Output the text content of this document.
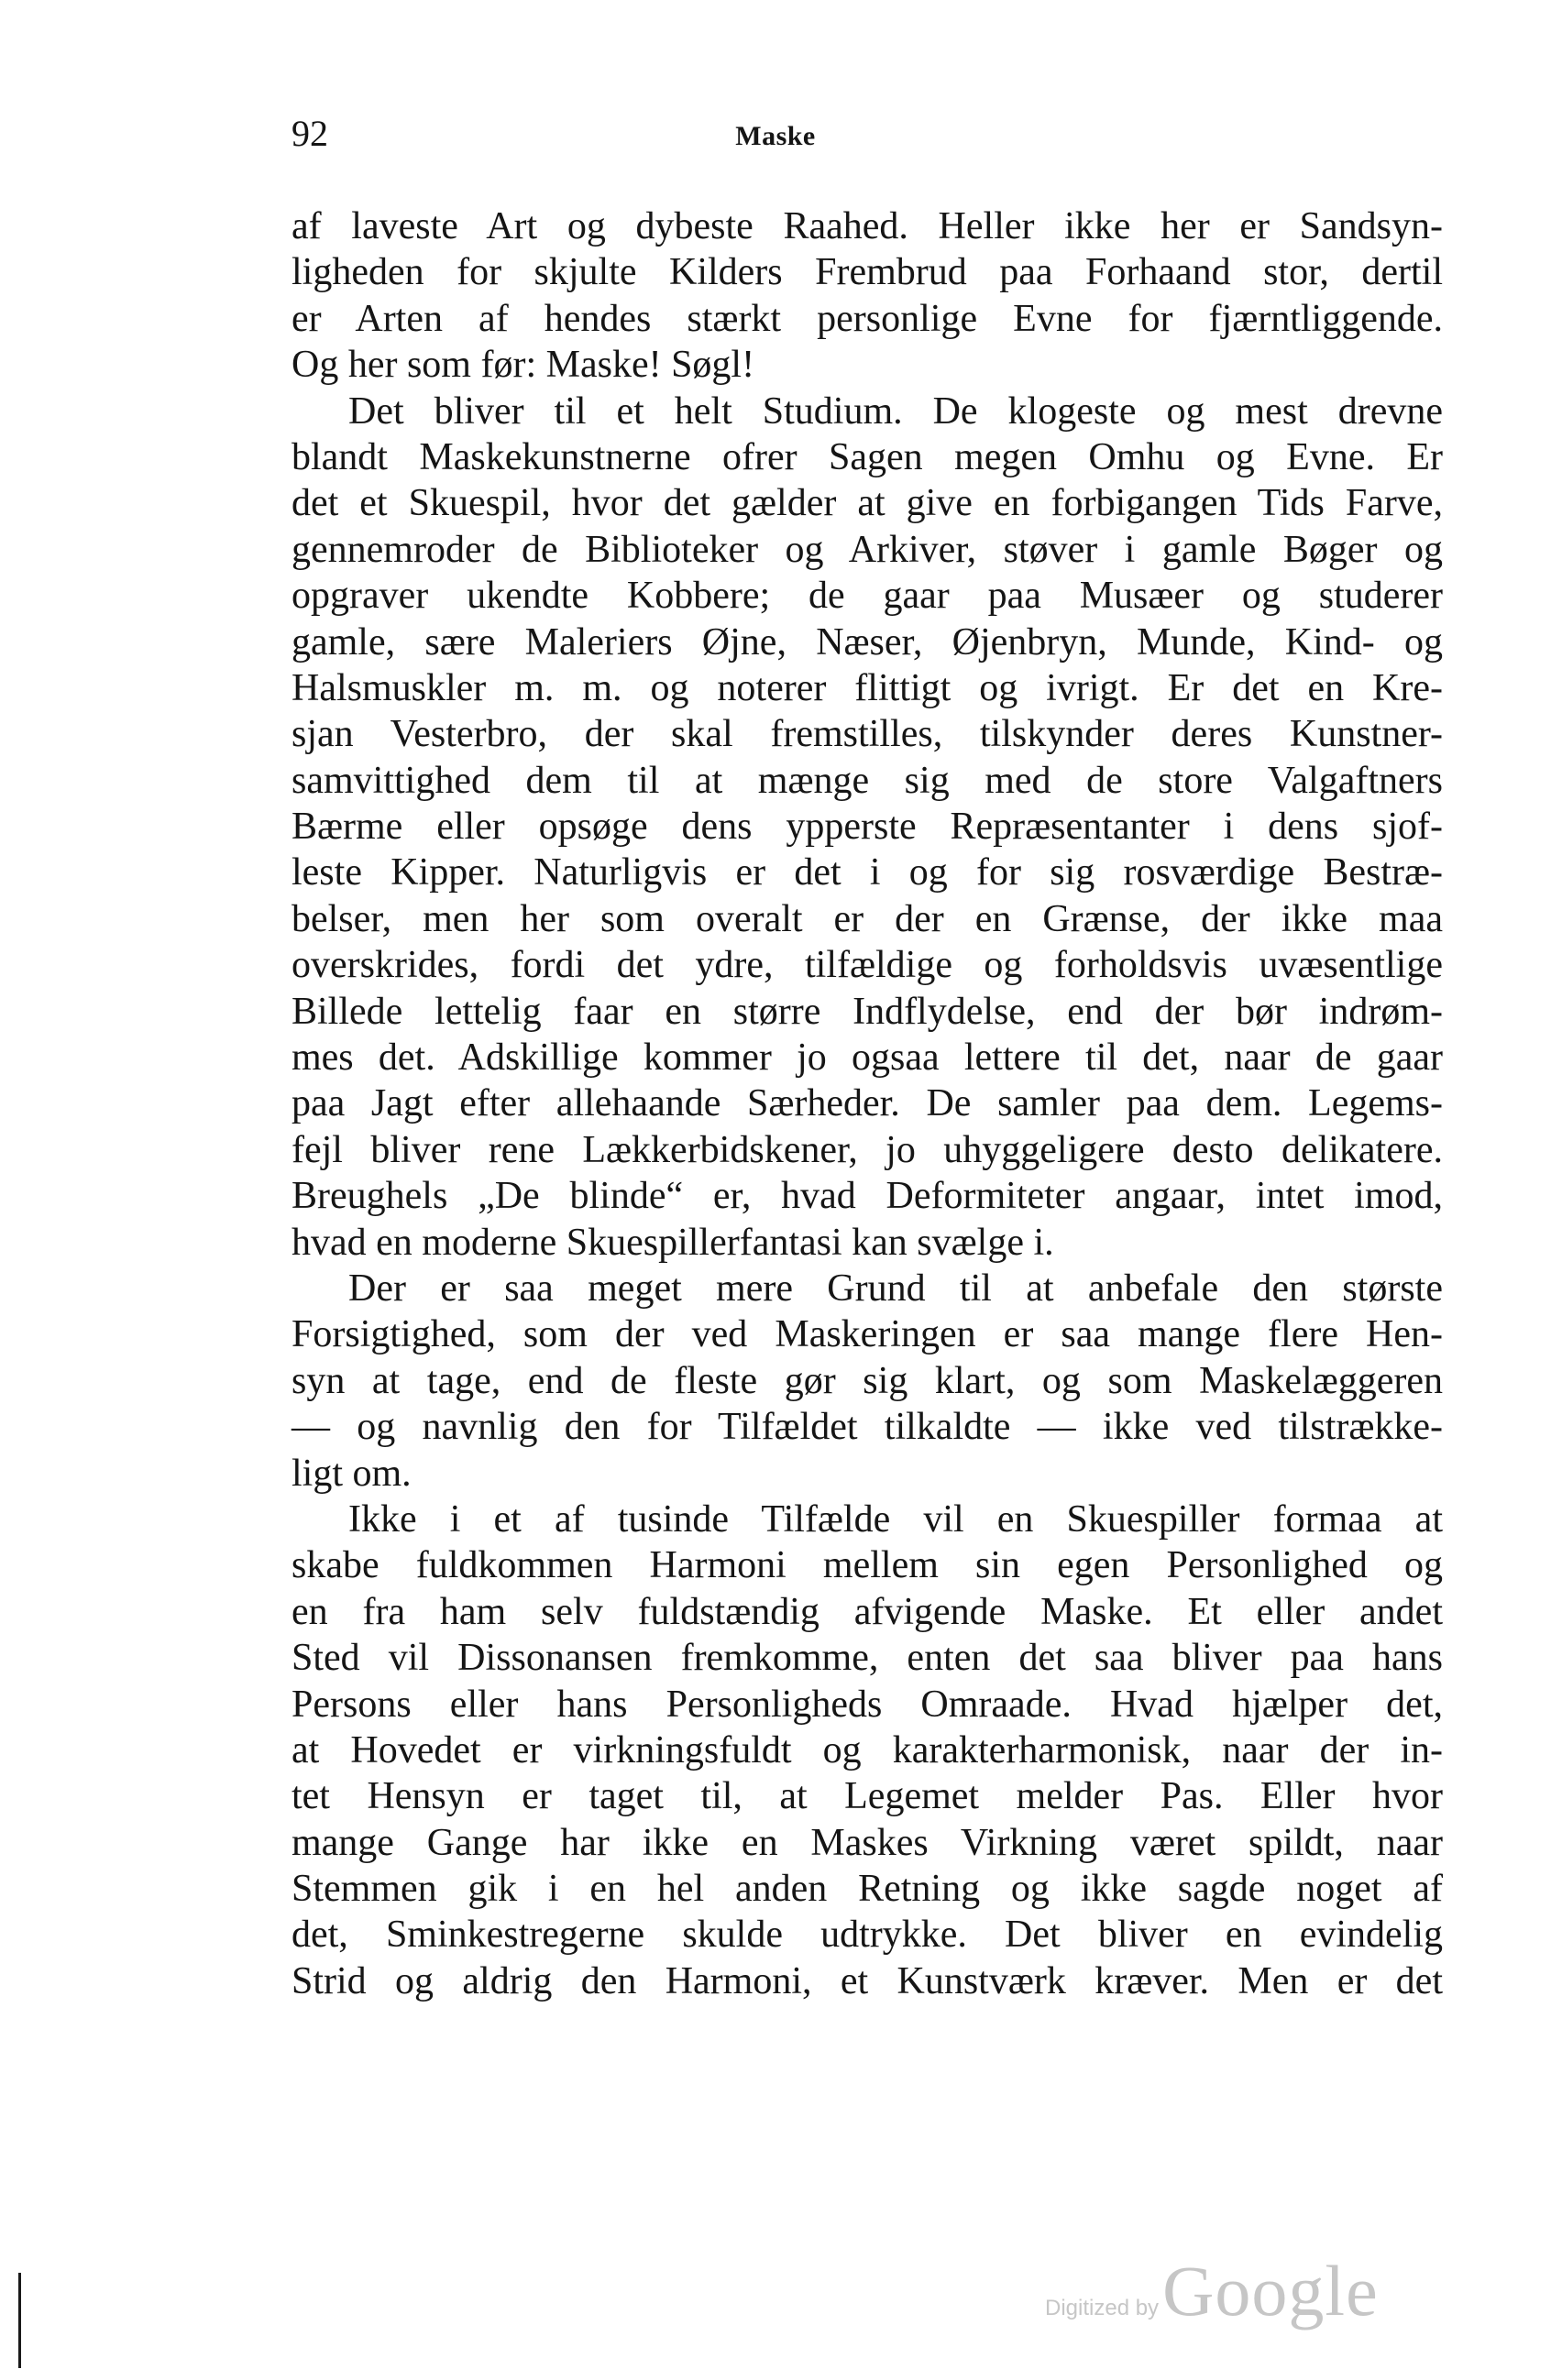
92	Maske
af laveste Art og dybeste Raahed. Heller ikke her er Sandsyn-
ligheden for skjulte Kilders Frembrud paa Forhaand stor, dertil
er Arten af hendes stærkt personlige Evne for fjærntliggende.
Og her som før: Maske! Søgl!
Det bliver til et helt Studium. De klogeste og mest drevne
blandt Maskekunstnerne ofrer Sagen megen Omhu og Evne. Er
det et Skuespil, hvor det gælder at give en forbigangen Tids Farve,
gennemroder de Biblioteker og Arkiver, støver i gamle Bøger og
opgraver ukendte Kobbere; de gaar paa Musæer og studerer
gamle, sære Maleriers Øjne, Næser, Øjenbryn, Munde, Kind- og
Halsmuskler m. m. og noterer flittigt og ivrigt. Er det en Kre-
sjan Vesterbro, der skal fremstilles, tilskynder deres Kunstner-
samvittighed dem til at mænge sig med de store Valgaftners
Bærme eller opsøge dens ypperste Repræsentanter i dens sjof-
leste Kipper. Naturligvis er det i og for sig rosværdige Bestræ-
belser, men her som overalt er der en Grænse, der ikke maa
overskrides, fordi det ydre, tilfældige og forholdsvis uvæsentlige
Billede lettelig faar en større Indflydelse, end der bør indrøm-
mes det. Adskillige kommer jo ogsaa lettere til det, naar de gaar
paa Jagt efter allehaande Særheder. De samler paa dem. Legems-
fejl bliver rene Lækkerbidskener, jo uhyggeligere desto delikatere.
Breughels „De blinde“ er, hvad Deformiteter angaar, intet imod,
hvad en moderne Skuespillerfantasi kan svælge i.
Der er saa meget mere Grund til at anbefale den største
Forsigtighed, som der ved Maskeringen er saa mange flere Hen-
syn at tage, end de fleste gør sig klart, og som Maskelæggeren
— og navnlig den for Tilfældet tilkaldte — ikke ved tilstrække-
ligt om.
Ikke i et af tusinde Tilfælde vil en Skuespiller formaa at
skabe fuldkommen Harmoni mellem sin egen Personlighed og
en fra ham selv fuldstændig afvigende Maske. Et eller andet
Sted vil Dissonansen fremkomme, enten det saa bliver paa hans
Persons eller hans Personligheds Omraade. Hvad hjælper det,
at Hovedet er virkningsfuldt og karakterharmonisk, naar der in-
tet Hensyn er taget til, at Legemet melder Pas. Eller hvor
mange Gange har ikke en Maskes Virkning været spildt, naar
Stemmen gik i en hel anden Retning og ikke sagde noget af
det, Sminkestregerne skulde udtrykke. Det bliver en evindelig
Strid og aldrig den Harmoni, et Kunstværk kræver. Men er det
Digitized by Google
